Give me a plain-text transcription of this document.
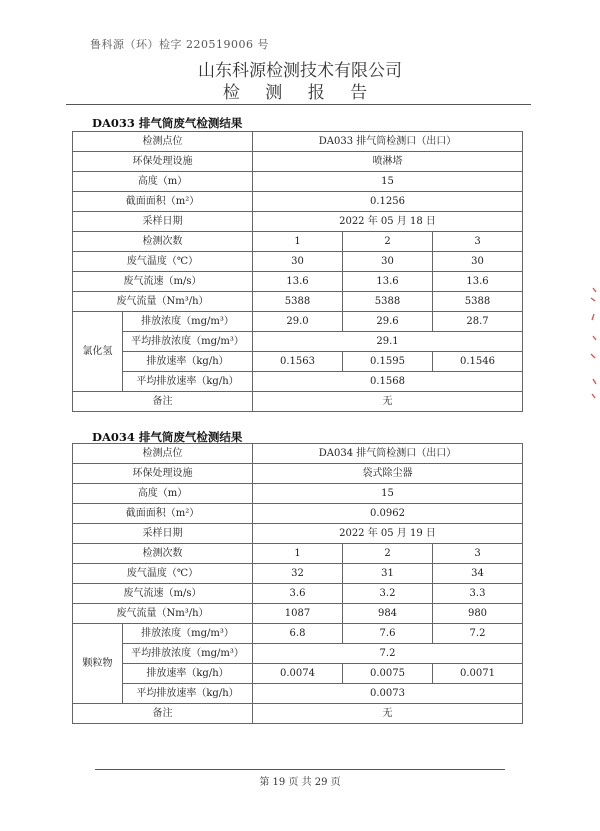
鲁科源（环）检字 220519006 号
山东科源检测技术有限公司
检 测 报 告
DA033 排气筒废气检测结果
检测点位		DA033 排气筒检测口（出口）		
环保处理设施		喷淋塔		
高度（m）		15		
截面面积（m²）		0.1256		
采样日期		2022 年 05 月 18 日		
检测次数		1	2	3
废气温度（℃）		30	30	30
废气流速（m/s）		13.6	13.6	13.6
废气流量（Nm³/h）		5388	5388	5388
氯化氢	排放浓度（mg/m³）	29.0	29.6	28.7
	平均排放浓度（mg/m³）	29.1		
	排放速率（kg/h）	0.1563	0.1595	0.1546
	平均排放速率（kg/h）	0.1568		
备注		无		
DA034 排气筒废气检测结果
检测点位		DA034 排气筒检测口（出口）		
环保处理设施		袋式除尘器		
高度（m）		15		
截面面积（m²）		0.0962		
采样日期		2022 年 05 月 19 日		
检测次数		1	2	3
废气温度（℃）		32	31	34
废气流速（m/s）		3.6	3.2	3.3
废气流量（Nm³/h）		1087	984	980
颗粒物	排放浓度（mg/m³）	6.8	7.6	7.2
	平均排放浓度（mg/m³）	7.2		
	排放速率（kg/h）	0.0074	0.0075	0.0071
	平均排放速率（kg/h）	0.0073		
备注		无		
第 19 页 共 29 页
